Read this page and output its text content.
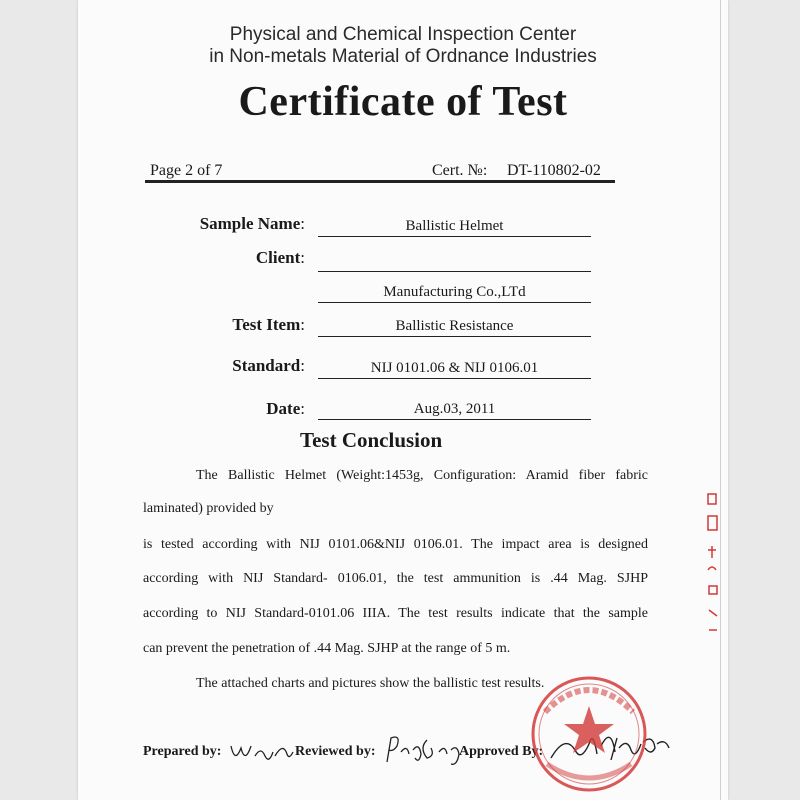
Physical and Chemical Inspection Center
in Non-metals Material of Ordnance Industries
Certificate of Test
Page 2 of 7	Cert. №: DT-110802-02
Sample Name:	Ballistic Helmet
Client:
Manufacturing Co.,LTd
Test Item:	Ballistic Resistance
Standard:	NIJ 0101.06 & NIJ 0106.01
Date:	Aug.03, 2011
Test Conclusion
The Ballistic Helmet (Weight:1453g, Configuration: Aramid fiber fabric
laminated) provided by
is tested according with NIJ 0101.06&NIJ 0106.01. The impact area is designed
according with NIJ Standard- 0106.01, the test ammunition is .44 Mag. SJHP
according to NIJ Standard-0101.06 IIIA. The test results indicate that the sample
can prevent the penetration of .44 Mag. SJHP at the range of 5 m.
The attached charts and pictures show the ballistic test results.
Prepared by:	Reviewed by:	Approved By:
